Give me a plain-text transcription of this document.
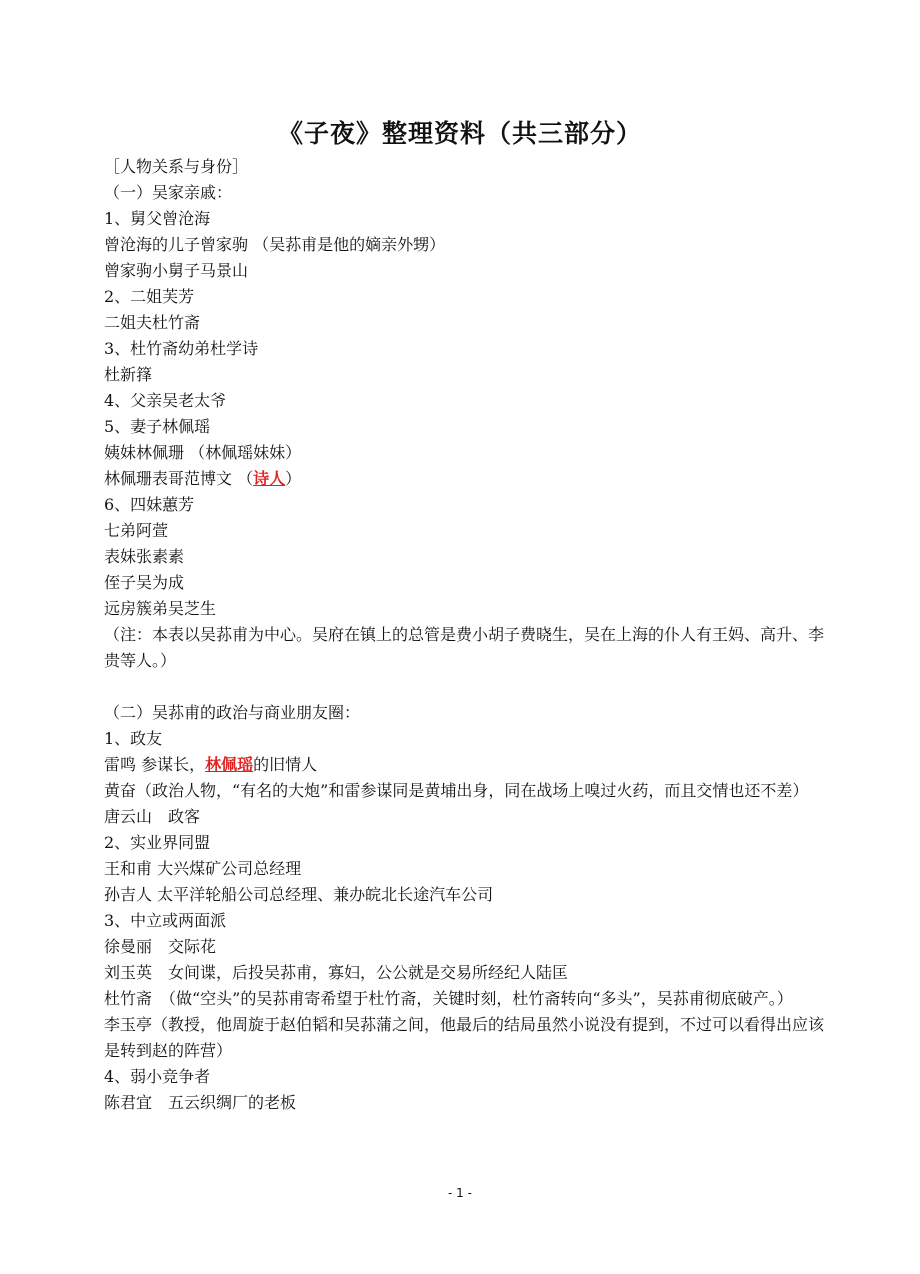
《子夜》整理资料（共三部分）

［人物关系与身份］

（一）吴家亲戚：

1、舅父曾沧海

曾沧海的儿子曾家驹 （吴荪甫是他的嫡亲外甥）

曾家驹小舅子马景山

2、二姐芙芳

二姐夫杜竹斋

3、杜竹斋幼弟杜学诗

杜新箨

4、父亲吴老太爷

5、妻子林佩瑶

姨妹林佩珊 （林佩瑶妹妹）

林佩珊表哥范博文 （诗人）

6、四妹蕙芳

七弟阿萱

表妹张素素

侄子吴为成

远房簇弟吴芝生

（注：本表以吴荪甫为中心。吴府在镇上的总管是费小胡子费晓生，吴在上海的仆人有王妈、高升、李贵等人。）

（二）吴荪甫的政治与商业朋友圈：

1、政友

雷鸣 参谋长，林佩瑶的旧情人

黄奋（政治人物，“有名的大炮”和雷参谋同是黄埔出身，同在战场上嗅过火药，而且交情也还不差）

唐云山　政客

2、实业界同盟

王和甫 大兴煤矿公司总经理

孙吉人 太平洋轮船公司总经理、兼办皖北长途汽车公司

3、中立或两面派

徐曼丽　交际花

刘玉英　女间谍，后投吴荪甫，寡妇，公公就是交易所经纪人陆匡

杜竹斋　（做“空头”的吴荪甫寄希望于杜竹斋，关键时刻，杜竹斋转向“多头”，吴荪甫彻底破产。）

李玉亭（教授，他周旋于赵伯韬和吴荪蒲之间，他最后的结局虽然小说没有提到，不过可以看得出应该是转到赵的阵营）

4、弱小竞争者

陈君宜　五云织绸厂的老板

- 1 -
